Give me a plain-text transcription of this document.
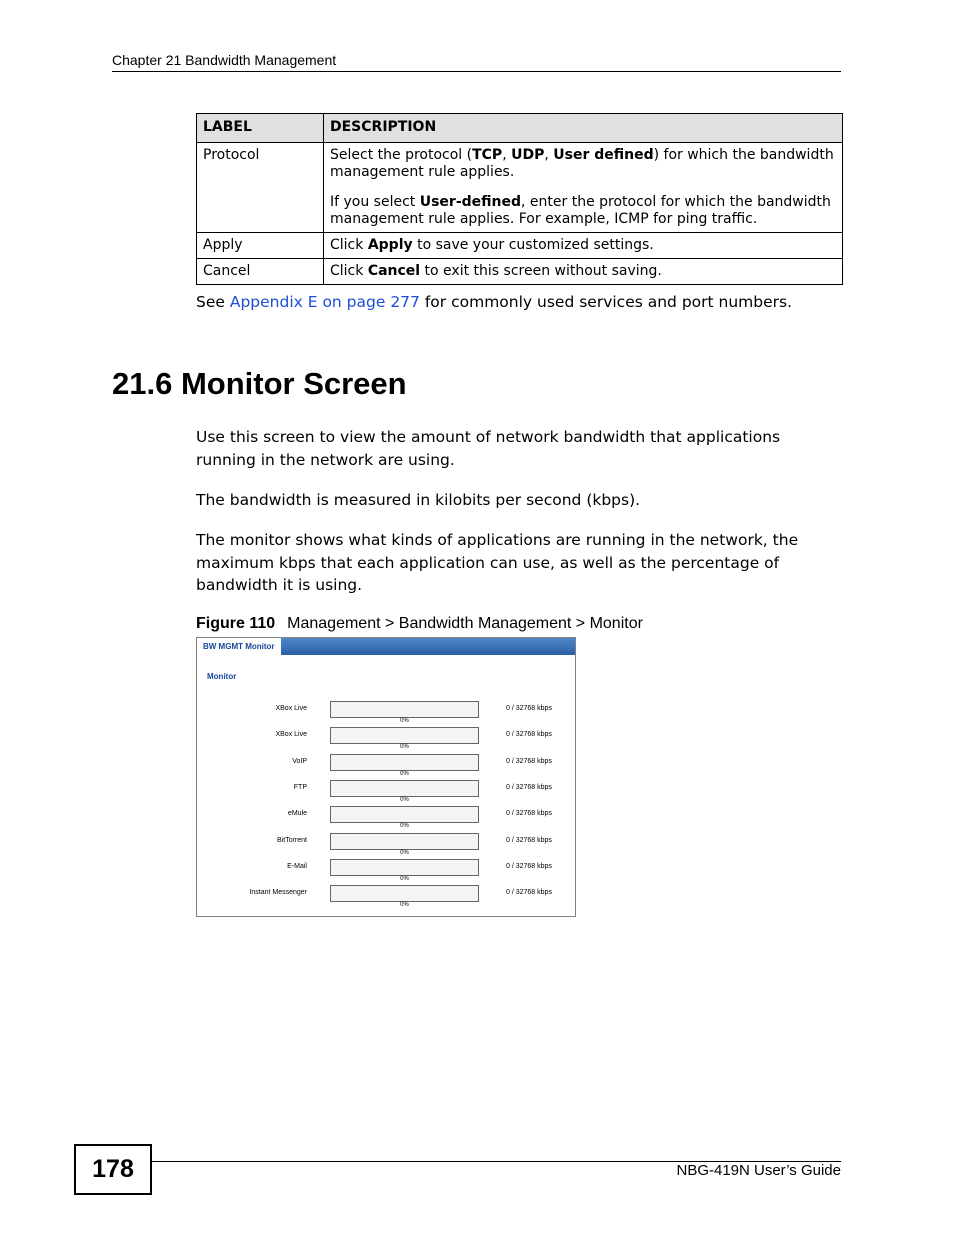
Chapter 21 Bandwidth Management
LABEL	DESCRIPTION
Protocol	Select the protocol (TCP, UDP, User defined) for which the bandwidth management rule applies.

If you select User-defined, enter the protocol for which the bandwidth management rule applies. For example, ICMP for ping traffic.

Apply	Click Apply to save your customized settings.
Cancel	Click Cancel to exit this screen without saving.
See Appendix E on page 277 for commonly used services and port numbers.
21.6 Monitor Screen

Use this screen to view the amount of network bandwidth that applications running in the network are using.

The bandwidth is measured in kilobits per second (kbps).

The monitor shows what kinds of applications are running in the network, the maximum kbps that each application can use, as well as the percentage of bandwidth it is using.

Figure 110 Management > Bandwidth Management > Monitor
BW MGMT Monitor
Monitor
XBox Live
0%
0 / 32768 kbps
XBox Live
0%
0 / 32768 kbps
VoIP
0%
0 / 32768 kbps
FTP
0%
0 / 32768 kbps
eMule
0%
0 / 32768 kbps
BitTorrent
0%
0 / 32768 kbps
E-Mail
0%
0 / 32768 kbps
Instant Messenger
0%
0 / 32768 kbps
178	NBG-419N User’s Guide
